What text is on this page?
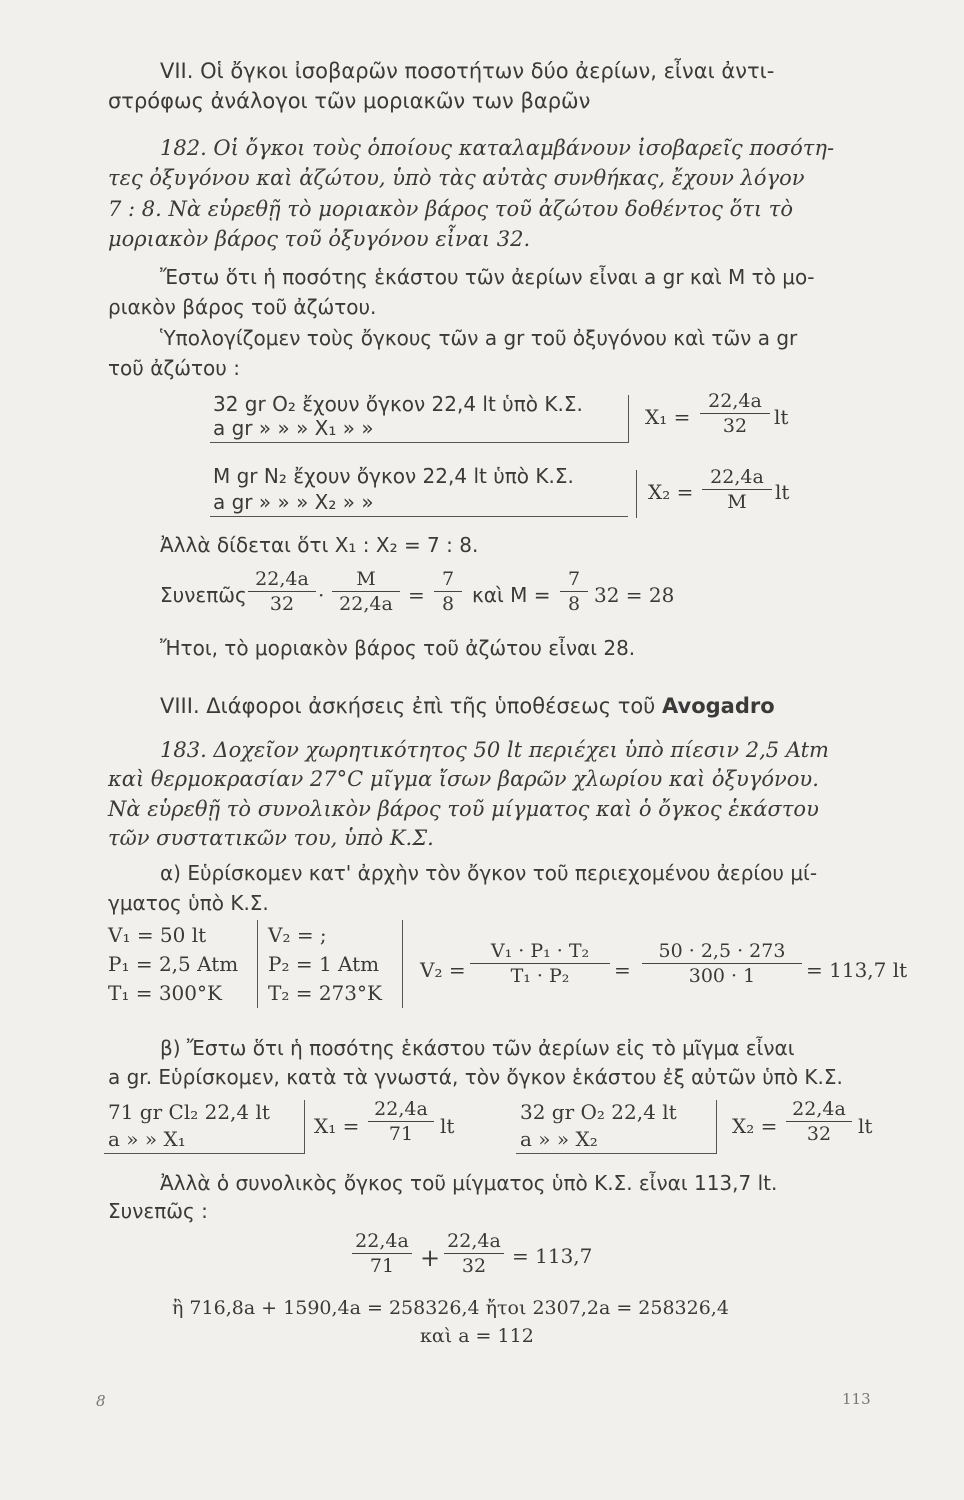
VII. Οἱ ὄγκοι ἰσοβαρῶν ποσοτήτων δύο ἀερίων, εἶναι ἀντι-
στρόφως ἀνάλογοι τῶν μοριακῶν των βαρῶν
182. Οἱ ὄγκοι τοὺς ὁποίους καταλαμβάνουν ἰσοβαρεῖς ποσότη-
τες ὀξυγόνου καὶ ἀζώτου, ὑπὸ τὰς αὐτὰς συνθήκας, ἔχουν λόγον
7 : 8. Νὰ εὑρεθῇ τὸ μοριακὸν βάρος τοῦ ἀζώτου δοθέντος ὅτι τὸ
μοριακὸν βάρος τοῦ ὀξυγόνου εἶναι 32.
Ἔστω ὅτι ἡ ποσότης ἑκάστου τῶν ἀερίων εἶναι a gr καὶ M τὸ μο-
ριακὸν βάρος τοῦ ἀζώτου.
Ὑπολογίζομεν τοὺς ὄγκους τῶν a gr τοῦ ὀξυγόνου καὶ τῶν a gr
τοῦ ἀζώτου :
32 gr O₂ ἔχουν ὄγκον 22,4 lt ὑπὸ Κ.Σ.
a gr » » » X₁ » »	X₁ =
22,4a
32	lt
M gr N₂ ἔχουν ὄγκον 22,4 lt ὑπὸ Κ.Σ.
a gr » » » X₂ » »	X₂ =
22,4a
M	lt
Ἀλλὰ δίδεται ὅτι X₁ : X₂ = 7 : 8.
Συνεπῶς
22,4a
32	·
M
22,4a =
7
8 καὶ M =
7
8 32 = 28
Ἤτοι, τὸ μοριακὸν βάρος τοῦ ἀζώτου εἶναι 28.
VIII. Διάφοροι ἀσκήσεις ἐπὶ τῆς ὑποθέσεως τοῦ Avogadro
183. Δοχεῖον χωρητικότητος 50 lt περιέχει ὑπὸ πίεσιν 2,5 Atm
καὶ θερμοκρασίαν 27°C μῖγμα ἴσων βαρῶν χλωρίου καὶ ὀξυγόνου.
Νὰ εὑρεθῇ τὸ συνολικὸν βάρος τοῦ μίγματος καὶ ὁ ὄγκος ἑκάστου
τῶν συστατικῶν του, ὑπὸ Κ.Σ.
α) Εὑρίσκομεν κατ' ἀρχὴν τὸν ὄγκον τοῦ περιεχομένου ἀερίου μί-
γματος ὑπὸ Κ.Σ.
V₁ = 50 lt	V₂ = ;
P₁ = 2,5 Atm P₂ = 1 Atm
T₁ = 300°K T₂ = 273°K
V₂ =
V₁ · P₁ · T₂
T₁ · P₂	=
50 · 2,5 · 273
300 · 1	= 113,7 lt
β) Ἔστω ὅτι ἡ ποσότης ἑκάστου τῶν ἀερίων εἰς τὸ μῖγμα εἶναι
a gr. Εὑρίσκομεν, κατὰ τὰ γνωστά, τὸν ὄγκον ἑκάστου ἐξ αὐτῶν ὑπὸ Κ.Σ.
71 gr Cl₂ 22,4 lt
a » » X₁
X₁ =
22,4a
71	lt
32 gr O₂ 22,4 lt
a » » X₂
X₂ =
22,4a
32	lt
Ἀλλὰ ὁ συνολικὸς ὄγκος τοῦ μίγματος ὑπὸ Κ.Σ. εἶναι 113,7 lt.
Συνεπῶς :
22,4a
71	+
22,4a
32	= 113,7
ἢ 716,8a + 1590,4a = 258326,4 ἤτοι 2307,2a = 258326,4
καὶ a = 112
8	113
